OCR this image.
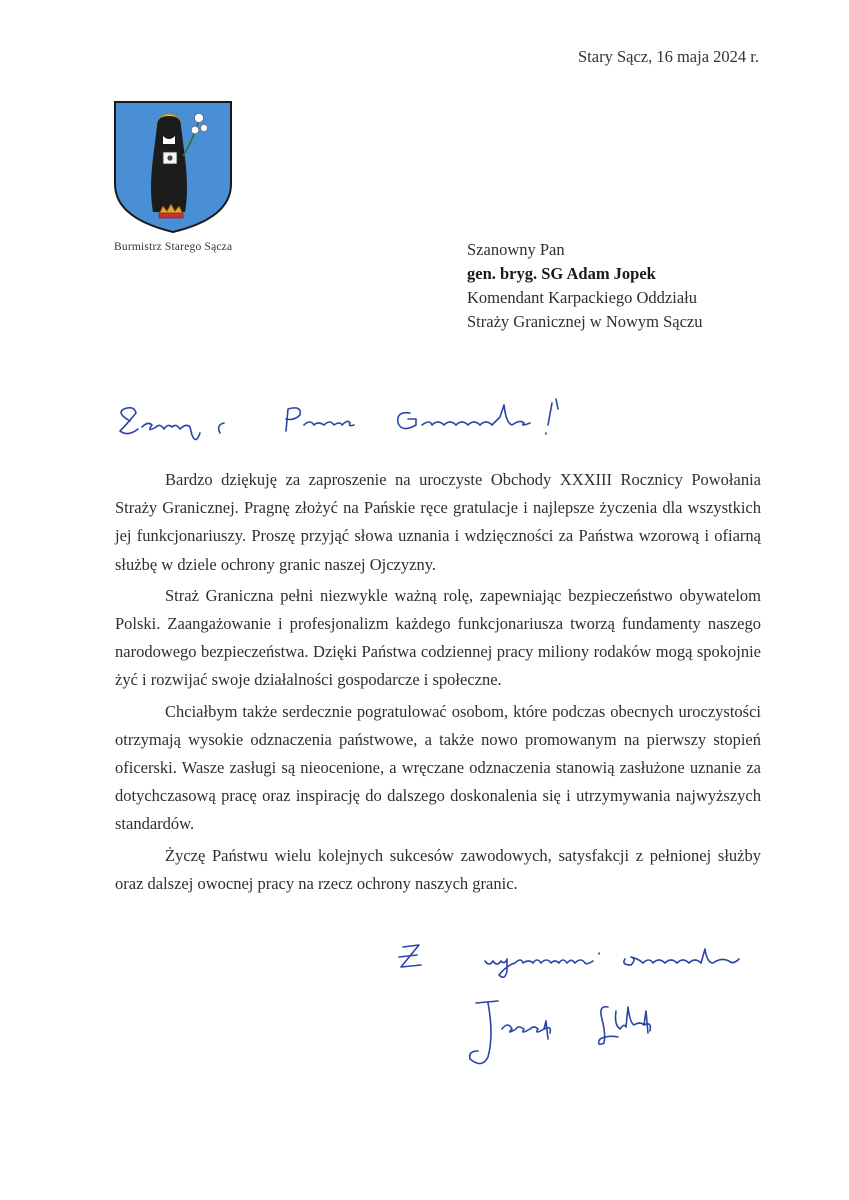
Stary Sącz, 16 maja 2024 r.
Burmistrz Starego Sącza	Szanowny Pan
gen. bryg. SG Adam Jopek
Komendant Karpackiego Oddziału
Straży Granicznej w Nowym Sączu

Bardzo dziękuję za zaproszenie na uroczyste Obchody XXXIII Rocznicy Powołania Straży Granicznej. Pragnę złożyć na Pańskie ręce gratulacje i najlepsze życzenia dla wszystkich jej funkcjonariuszy. Proszę przyjąć słowa uznania i wdzięczności za Państwa wzorową i ofiarną służbę w dziele ochrony granic naszej Ojczyzny.

Straż Graniczna pełni niezwykle ważną rolę, zapewniając bezpieczeństwo obywatelom Polski. Zaangażowanie i profesjonalizm każdego funkcjonariusza tworzą fundamenty naszego narodowego bezpieczeństwa. Dzięki Państwa codziennej pracy miliony rodaków mogą spokojnie żyć i rozwijać swoje działalności gospodarcze i społeczne.

Chciałbym także serdecznie pogratulować osobom, które podczas obecnych uroczystości otrzymają wysokie odznaczenia państwowe, a także nowo promowanym na pierwszy stopień oficerski. Wasze zasługi są nieocenione, a wręczane odznaczenia stanowią zasłużone uznanie za dotychczasową pracę oraz inspirację do dalszego doskonalenia się i utrzymywania najwyższych standardów.

Życzę Państwu wielu kolejnych sukcesów zawodowych, satysfakcji z pełnionej służby oraz dalszej owocnej pracy na rzecz ochrony naszych granic.
